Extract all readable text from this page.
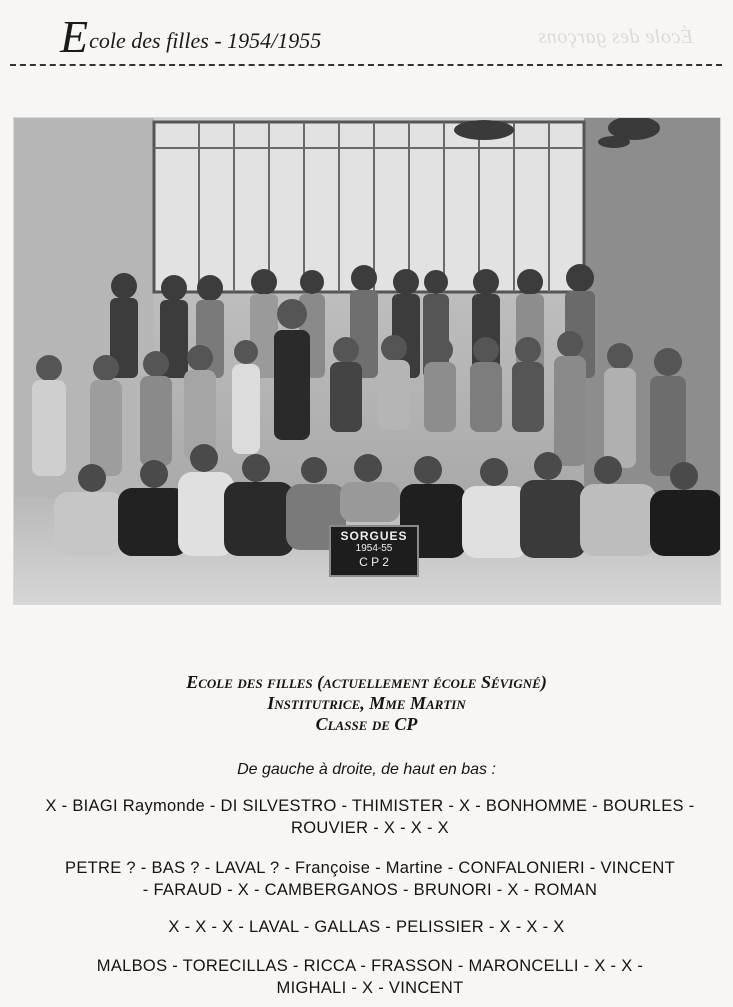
École des garçons
Ecole des filles - 1954/1955
SORGUES
1954-55
C P 2
Ecole des filles (actuellement école Sévigné)
Institutrice, Mme Martin
Classe de CP
De gauche à droite, de haut en bas :
X - BIAGI Raymonde - DI SILVESTRO - THIMISTER - X - BONHOMME - BOURLES - ROUVIER - X - X - X
PETRE ? - BAS ? - LAVAL ? - Françoise - Martine - CONFALONIERI - VINCENT - FARAUD - X - CAMBERGANOS - BRUNORI - X - ROMAN
X - X - X - LAVAL - GALLAS - PELISSIER - X - X - X
MALBOS - TORECILLAS - RICCA - FRASSON - MARONCELLI - X - X - MIGHALI - X - VINCENT
